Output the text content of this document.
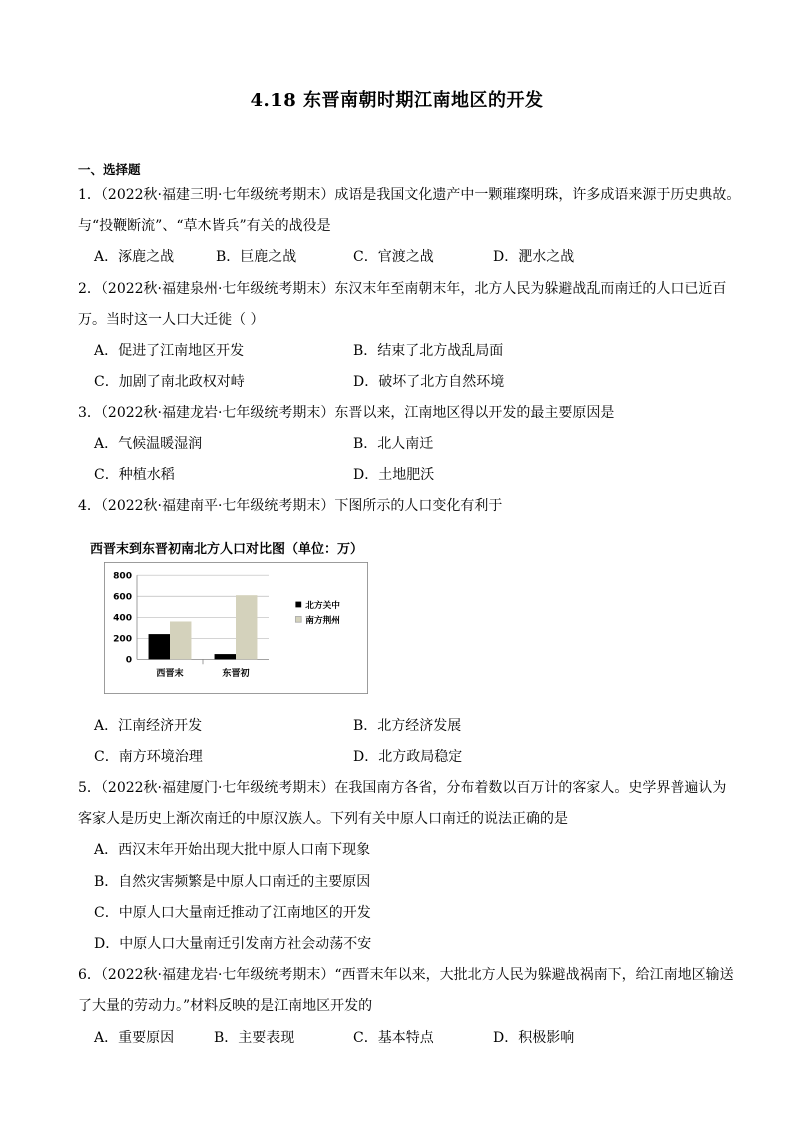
4.18 东晋南朝时期江南地区的开发
一、选择题
1．（2022秋·福建三明·七年级统考期末）成语是我国文化遗产中一颗璀璨明珠，许多成语来源于历史典故。
与“投鞭断流”、“草木皆兵”有关的战役是
A．涿鹿之战	B．巨鹿之战	C．官渡之战	D．淝水之战
2．（2022秋·福建泉州·七年级统考期末）东汉末年至南朝末年，北方人民为躲避战乱而南迁的人口已近百
万。当时这一人口大迁徙（ ）
A．促进了江南地区开发	B．结束了北方战乱局面
C．加剧了南北政权对峙	D．破坏了北方自然环境
3．（2022秋·福建龙岩·七年级统考期末）东晋以来，江南地区得以开发的最主要原因是
A．气候温暖湿润	B．北人南迁
C．种植水稻	D．土地肥沃
4．（2022秋·福建南平·七年级统考期末）下图所示的人口变化有利于
西晋末到东晋初南北方人口对比图（单位：万）
0
200
400
600
800
西晋末	东晋初
北方关中
南方荆州
A．江南经济开发	B．北方经济发展
C．南方环境治理	D．北方政局稳定
5．（2022秋·福建厦门·七年级统考期末）在我国南方各省，分布着数以百万计的客家人。史学界普遍认为
客家人是历史上渐次南迁的中原汉族人。下列有关中原人口南迁的说法正确的是
A．西汉末年开始出现大批中原人口南下现象
B．自然灾害频繁是中原人口南迁的主要原因
C．中原人口大量南迁推动了江南地区的开发
D．中原人口大量南迁引发南方社会动荡不安
6．（2022秋·福建龙岩·七年级统考期末）“西晋末年以来，大批北方人民为躲避战祸南下，给江南地区输送
了大量的劳动力。”材料反映的是江南地区开发的
A．重要原因	B．主要表现	C．基本特点	D．积极影响
